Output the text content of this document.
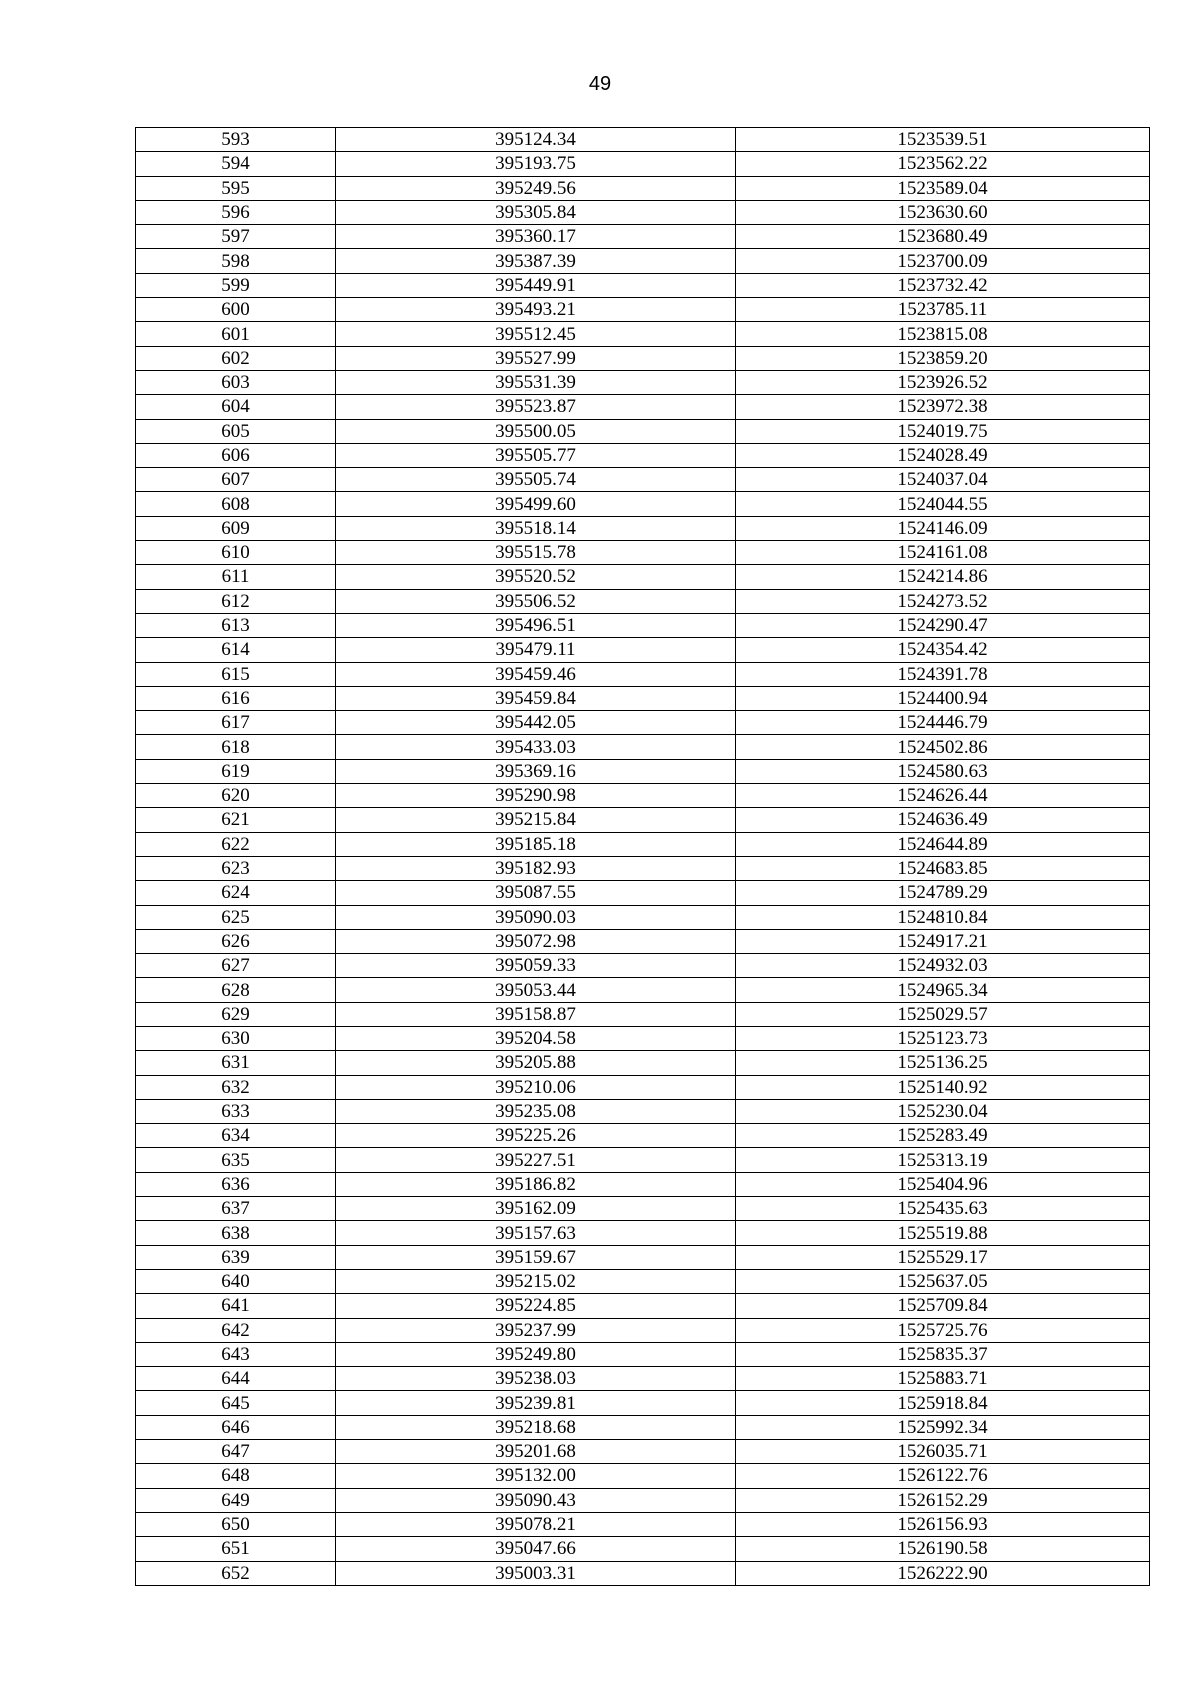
49
593	395124.34	1523539.51
594	395193.75	1523562.22
595	395249.56	1523589.04
596	395305.84	1523630.60
597	395360.17	1523680.49
598	395387.39	1523700.09
599	395449.91	1523732.42
600	395493.21	1523785.11
601	395512.45	1523815.08
602	395527.99	1523859.20
603	395531.39	1523926.52
604	395523.87	1523972.38
605	395500.05	1524019.75
606	395505.77	1524028.49
607	395505.74	1524037.04
608	395499.60	1524044.55
609	395518.14	1524146.09
610	395515.78	1524161.08
611	395520.52	1524214.86
612	395506.52	1524273.52
613	395496.51	1524290.47
614	395479.11	1524354.42
615	395459.46	1524391.78
616	395459.84	1524400.94
617	395442.05	1524446.79
618	395433.03	1524502.86
619	395369.16	1524580.63
620	395290.98	1524626.44
621	395215.84	1524636.49
622	395185.18	1524644.89
623	395182.93	1524683.85
624	395087.55	1524789.29
625	395090.03	1524810.84
626	395072.98	1524917.21
627	395059.33	1524932.03
628	395053.44	1524965.34
629	395158.87	1525029.57
630	395204.58	1525123.73
631	395205.88	1525136.25
632	395210.06	1525140.92
633	395235.08	1525230.04
634	395225.26	1525283.49
635	395227.51	1525313.19
636	395186.82	1525404.96
637	395162.09	1525435.63
638	395157.63	1525519.88
639	395159.67	1525529.17
640	395215.02	1525637.05
641	395224.85	1525709.84
642	395237.99	1525725.76
643	395249.80	1525835.37
644	395238.03	1525883.71
645	395239.81	1525918.84
646	395218.68	1525992.34
647	395201.68	1526035.71
648	395132.00	1526122.76
649	395090.43	1526152.29
650	395078.21	1526156.93
651	395047.66	1526190.58
652	395003.31	1526222.90
